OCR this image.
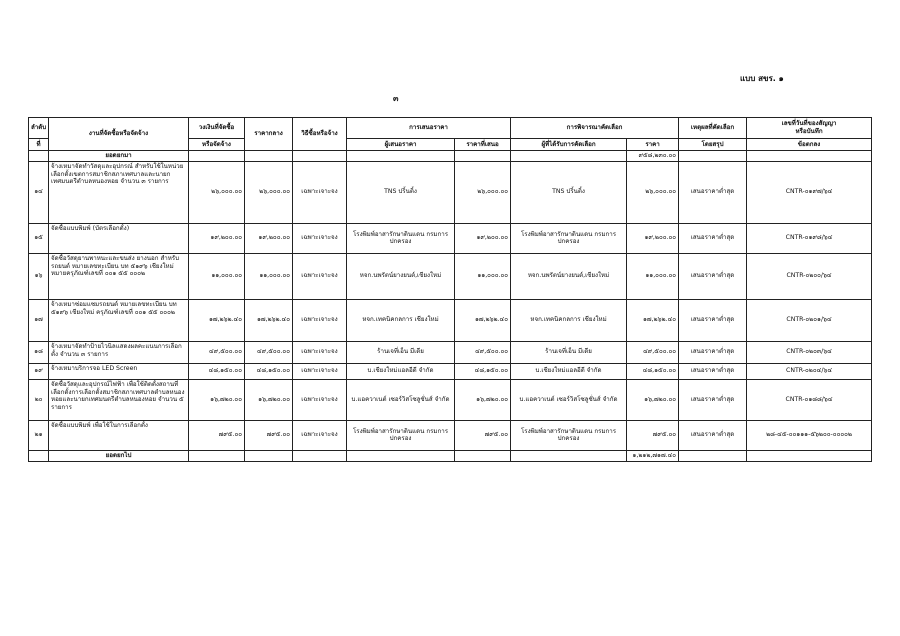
แบบ สขร. ๑
๓
ลำดับ	งานที่จัดซื้อหรือจัดจ้าง	วงเงินที่จัดซื้อ	ราคากลาง	วิธีซื้อหรือจ้าง	การเสนอราคา		การพิจารณาคัดเลือก		เหตุผลที่คัดเลือก	เลขที่วันที่ของสัญญา
หรือบันทึก

ที่		หรือจัดจ้าง			ผู้เสนอราคา	ราคาที่เสนอ	ผู้ที่ได้รับการคัดเลือก	ราคา	โดยสรุป	ข้อตกลง
	ยอดยกมา							๙๕๘,๒๓๐.๐๐		
๑๔	จ้างเหมาจัดทำวัสดุและอุปกรณ์ สำหรับใช้ในหน่วยเลือกตั้งเขตการสมาชิกสภาเทศบาลและนายกเทศมนตรีตำบลหนองหอย จำนวน ๓ รายการ	๒๖,๐๐๐.๐๐	๒๖,๐๐๐.๐๐	เฉพาะเจาะจง	TNS ปริ้นติ้ง	๒๖,๐๐๐.๐๐	TNS ปริ้นติ้ง	๒๖,๐๐๐.๐๐	เสนอราคาต่ำสุด	CNTR-๐๑๙๗/๖๔
๑๕	จัดซื้อแบบพิมพ์ (บัตรเลือกตั้ง)	๑๙,๒๐๐.๐๐	๑๙,๒๐๐.๐๐	เฉพาะเจาะจง	โรงพิมพ์อาสารักษาดินแดน กรมการปกครอง	๑๙,๒๐๐.๐๐	โรงพิมพ์อาสารักษาดินแดน กรมการปกครอง	๑๙,๒๐๐.๐๐	เสนอราคาต่ำสุด	CNTR-๐๑๙๘/๖๔
๑๖	จัดซื้อวัสดุยานพาหนะและขนส่ง ยางนอก สำหรับรถยนต์ หมายเลขทะเบียน บท ๕๑๙๖ เชียงใหม่ หมายครุภัณฑ์เลขที่ ๐๐๑ ๕๕ ๐๐๐๒	๑๑,๐๐๐.๐๐	๑๑,๐๐๐.๐๐	เฉพาะเจาะจง	หจก.นพรัตน์ยางยนต์,เชียงใหม่	๑๑,๐๐๐.๐๐	หจก.นพรัตน์ยางยนต์,เชียงใหม่	๑๑,๐๐๐.๐๐	เสนอราคาต่ำสุด	CNTR-๐๒๐๐/๖๔
๑๗	จ้างเหมาซ่อมแซมรถยนต์ หมายเลขทะเบียน บท ๕๑๙๖ เชียงใหม่ ครุภัณฑ์เลขที่ ๐๐๑ ๕๕ ๐๐๐๒	๑๗,๒๖๒.๔๐	๑๗,๒๖๒.๔๐	เฉพาะเจาะจง	หจก.เทคนิคกลการ เชียงใหม่	๑๗,๒๖๒.๔๐	หจก.เทคนิคกลการ เชียงใหม่	๑๗,๒๖๒.๔๐	เสนอราคาต่ำสุด	CNTR-๐๒๐๑/๖๔
๑๘	จ้างเหมาจัดทำป้ายไวนิลแสดงผลคะแนนการเลือกตั้ง จำนวน ๓ รายการ	๔๙,๕๐๐.๐๐	๔๙,๕๐๐.๐๐	เฉพาะเจาะจง	ร้านเจที่เอ็น มีเดีย	๔๙,๕๐๐.๐๐	ร้านเจที่เอ็น มีเดีย	๔๙,๕๐๐.๐๐	เสนอราคาต่ำสุด	CNTR-๐๒๐๓/๖๔
๑๙	จ้างเหมาบริการจอ LED Screen	๔๘,๑๕๐.๐๐	๔๘,๑๕๐.๐๐	เฉพาะเจาะจง	บ.เชียงใหม่แอลอีดี จำกัด	๔๘,๑๕๐.๐๐	บ.เชียงใหม่แอลอีดี จำกัด	๔๘,๑๕๐.๐๐	เสนอราคาต่ำสุด	CNTR-๐๒๐๔/๖๔
๒๐	จัดซื้อวัสดุและอุปกรณ์ไฟฟ้า เพื่อใช้ติดตั้งสถานที่เลือกตั้งการเลือกตั้งสมาชิกสภาเทศบาลตำบลหนองหอยและนายกเทศมนตรีตำบลหนองหอย จำนวน ๕ รายการ	๑๖,๗๒๐.๐๐	๑๖,๗๒๐.๐๐	เฉพาะเจาะจง	บ.แอควาเนต์ เซอร์วิสโซลูชั่นส์ จำกัด	๑๖,๗๒๐.๐๐	บ.แอควาเนต์ เซอร์วิสโซลูชั่นส์ จำกัด	๑๖,๗๒๐.๐๐	เสนอราคาต่ำสุด	CNTR-๐๑๘๘/๖๔
๒๑	จัดซื้อแบบพิมพ์ เพื่อใช้ในการเลือกตั้ง	๗๙๕.๐๐	๗๙๕.๐๐	เฉพาะเจาะจง	โรงพิมพ์อาสารักษาดินแดน กรมการปกครอง	๗๙๕.๐๐	โรงพิมพ์อาสารักษาดินแดน กรมการปกครอง	๗๙๕.๐๐	เสนอราคาต่ำสุด	๒๘-๔๕-๐๐๑๑๑-๕๖๒๐๐-๐๐๐๐๒
	ยอดยกไป							๑,๒๑๒,๗๑๗.๔๐		
